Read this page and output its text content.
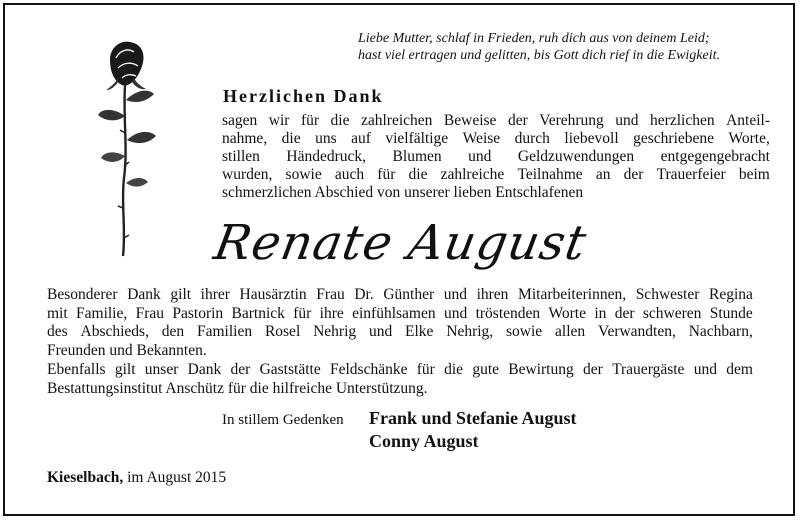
Liebe Mutter, schlaf in Frieden, ruh dich aus von deinem Leid;
hast viel ertragen und gelitten, bis Gott dich rief in die Ewigkeit.
Herzlichen Dank
sagen wir für die zahlreichen Beweise der Verehrung und herzlichen Anteil-
nahme, die uns auf vielfältige Weise durch liebevoll geschriebene Worte,
stillen Händedruck, Blumen und Geldzuwendungen entgegengebracht
wurden, sowie auch für die zahlreiche Teilnahme an der Trauerfeier beim
schmerzlichen Abschied von unserer lieben Entschlafenen
Renate August
Besonderer Dank gilt ihrer Hausärztin Frau Dr. Günther und ihren Mitarbeiterinnen, Schwester Regina
mit Familie, Frau Pastorin Bartnick für ihre einfühlsamen und tröstenden Worte in der schweren Stunde
des Abschieds, den Familien Rosel Nehrig und Elke Nehrig, sowie allen Verwandten, Nachbarn,
Freunden und Bekannten.
Ebenfalls gilt unser Dank der Gaststätte Feldschänke für die gute Bewirtung der Trauergäste und dem
Bestattungsinstitut Anschütz für die hilfreiche Unterstützung.
In stillem Gedenken Frank und Stefanie August
Conny August
Kieselbach, im August 2015
